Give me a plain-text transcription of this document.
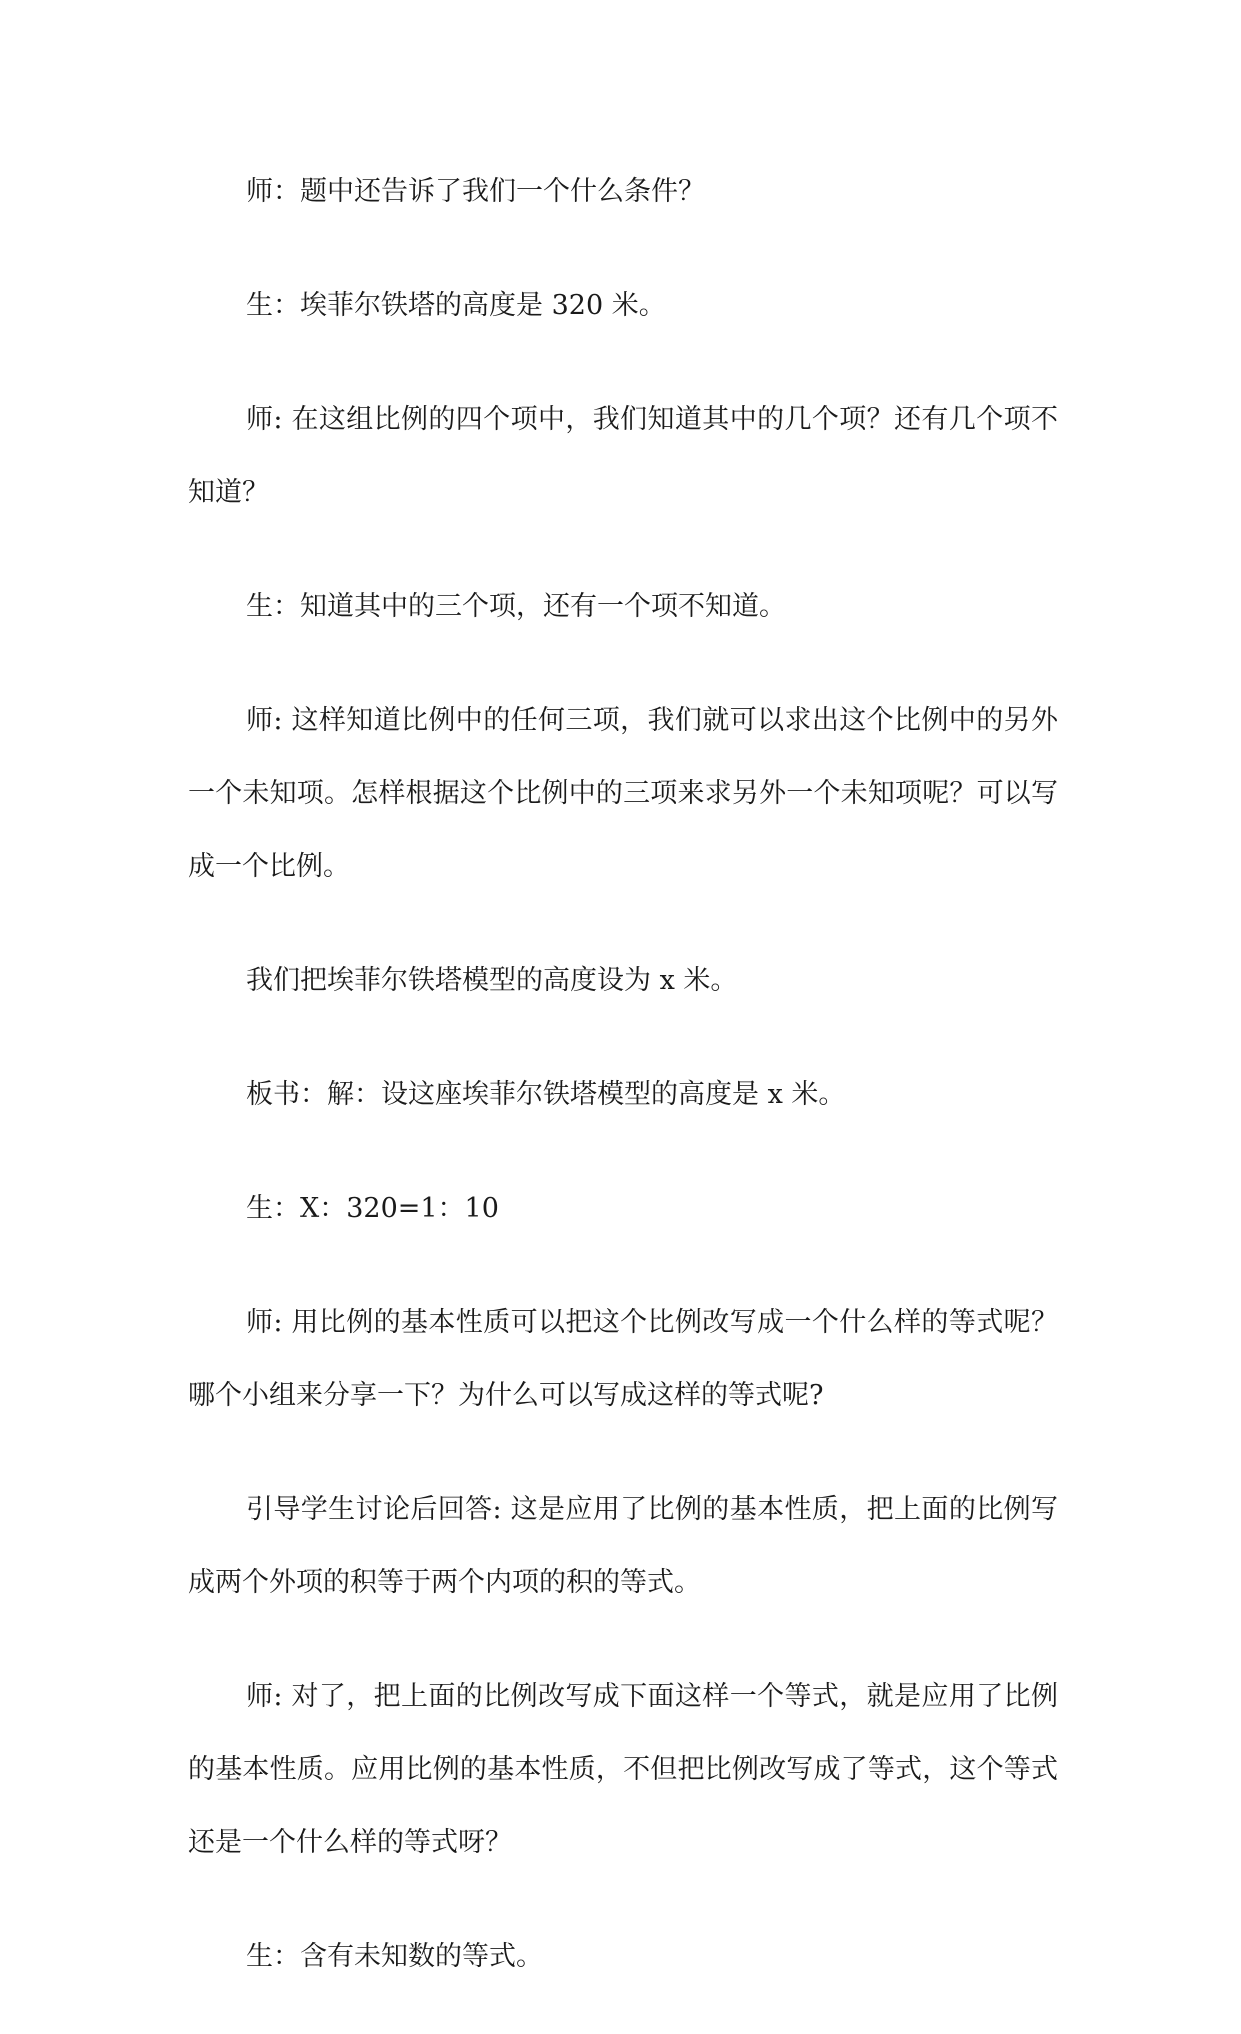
师：题中还告诉了我们一个什么条件？

生：埃菲尔铁塔的高度是 320 米。

师: 在这组比例的四个项中，我们知道其中的几个项？还有几个项不知道？

生：知道其中的三个项，还有一个项不知道。

师: 这样知道比例中的任何三项，我们就可以求出这个比例中的另外一个未知项。怎样根据这个比例中的三项来求另外一个未知项呢？可以写成一个比例。

我们把埃菲尔铁塔模型的高度设为 x 米。

板书：解：设这座埃菲尔铁塔模型的高度是 x 米。

生：X：320=1：10

师: 用比例的基本性质可以把这个比例改写成一个什么样的等式呢？哪个小组来分享一下？为什么可以写成这样的等式呢?

引导学生讨论后回答: 这是应用了比例的基本性质，把上面的比例写成两个外项的积等于两个内项的积的等式。

师: 对了，把上面的比例改写成下面这样一个等式，就是应用了比例的基本性质。应用比例的基本性质，不但把比例改写成了等式，这个等式还是一个什么样的等式呀？

生：含有未知数的等式。
